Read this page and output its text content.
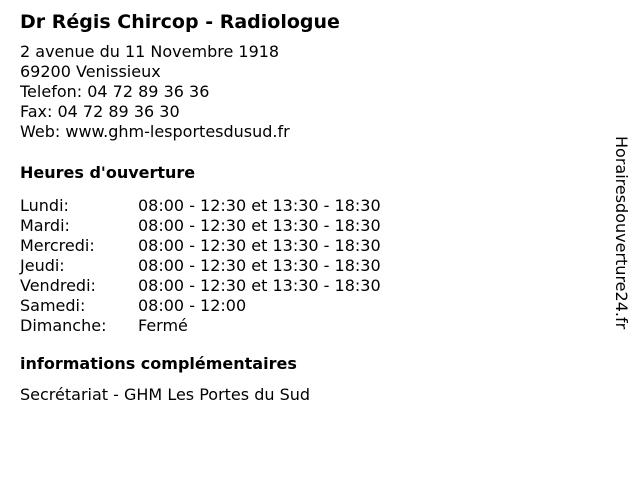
Dr Régis Chircop - Radiologue
2 avenue du 11 Novembre 1918
69200 Venissieux
Telefon: 04 72 89 36 36
Fax: 04 72 89 36 30
Web: www.ghm-lesportesdusud.fr
Heures d'ouverture
Lundi:	08:00 - 12:30 et 13:30 - 18:30
Mardi:	08:00 - 12:30 et 13:30 - 18:30
Mercredi:	08:00 - 12:30 et 13:30 - 18:30
Jeudi:	08:00 - 12:30 et 13:30 - 18:30
Vendredi:	08:00 - 12:30 et 13:30 - 18:30
Samedi:	08:00 - 12:00
Dimanche:	Fermé
informations complémentaires
Secrétariat - GHM Les Portes du Sud
Horairesdouverture24.fr
